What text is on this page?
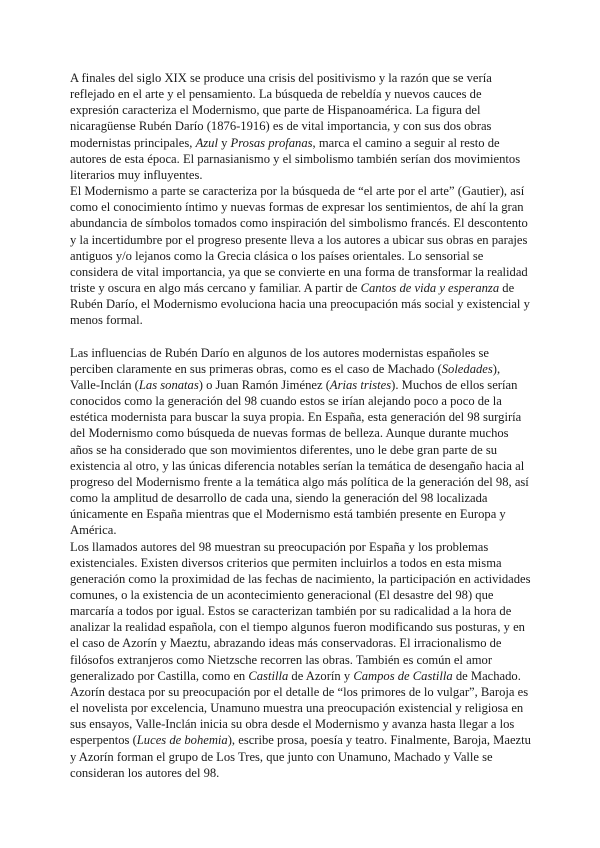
A finales del siglo XIX se produce una crisis del positivismo y la razón que se vería reflejado en el arte y el pensamiento. La búsqueda de rebeldía y nuevos cauces de expresión caracteriza el Modernismo, que parte de Hispanoamérica. La figura del nicaragüense Rubén Darío (1876-1916) es de vital importancia, y con sus dos obras modernistas principales, Azul y Prosas profanas, marca el camino a seguir al resto de autores de esta época. El parnasianismo y el simbolismo también serían dos movimientos literarios muy influyentes.

El Modernismo a parte se caracteriza por la búsqueda de “el arte por el arte” (Gautier), así como el conocimiento íntimo y nuevas formas de expresar los sentimientos, de ahí la gran abundancia de símbolos tomados como inspiración del simbolismo francés. El descontento y la incertidumbre por el progreso presente lleva a los autores a ubicar sus obras en parajes antiguos y/o lejanos como la Grecia clásica o los países orientales. Lo sensorial se considera de vital importancia, ya que se convierte en una forma de transformar la realidad triste y oscura en algo más cercano y familiar. A partir de Cantos de vida y esperanza de Rubén Darío, el Modernismo evoluciona hacia una preocupación más social y existencial y menos formal.

Las influencias de Rubén Darío en algunos de los autores modernistas españoles se perciben claramente en sus primeras obras, como es el caso de Machado (Soledades), Valle-Inclán (Las sonatas) o Juan Ramón Jiménez (Arias tristes). Muchos de ellos serían conocidos como la generación del 98 cuando estos se irían alejando poco a poco de la estética modernista para buscar la suya propia. En España, esta generación del 98 surgiría del Modernismo como búsqueda de nuevas formas de belleza. Aunque durante muchos años se ha considerado que son movimientos diferentes, uno le debe gran parte de su existencia al otro, y las únicas diferencia notables serían la temática de desengaño hacia al progreso del Modernismo frente a la temática algo más política de la generación del 98, así como la amplitud de desarrollo de cada una, siendo la generación del 98 localizada únicamente en España mientras que el Modernismo está también presente en Europa y América.

Los llamados autores del 98 muestran su preocupación por España y los problemas existenciales. Existen diversos criterios que permiten incluirlos a todos en esta misma generación como la proximidad de las fechas de nacimiento, la participación en actividades comunes, o la existencia de un acontecimiento generacional (El desastre del 98) que marcaría a todos por igual. Estos se caracterizan también por su radicalidad a la hora de analizar la realidad española, con el tiempo algunos fueron modificando sus posturas, y en el caso de Azorín y Maeztu, abrazando ideas más conservadoras. El irracionalismo de filósofos extranjeros como Nietzsche recorren las obras. También es común el amor generalizado por Castilla, como en Castilla de Azorín y Campos de Castilla de Machado.

Azorín destaca por su preocupación por el detalle de “los primores de lo vulgar”, Baroja es el novelista por excelencia, Unamuno muestra una preocupación existencial y religiosa en sus ensayos, Valle-Inclán inicia su obra desde el Modernismo y avanza hasta llegar a los esperpentos (Luces de bohemia), escribe prosa, poesía y teatro. Finalmente, Baroja, Maeztu y Azorín forman el grupo de Los Tres, que junto con Unamuno, Machado y Valle se consideran los autores del 98.
